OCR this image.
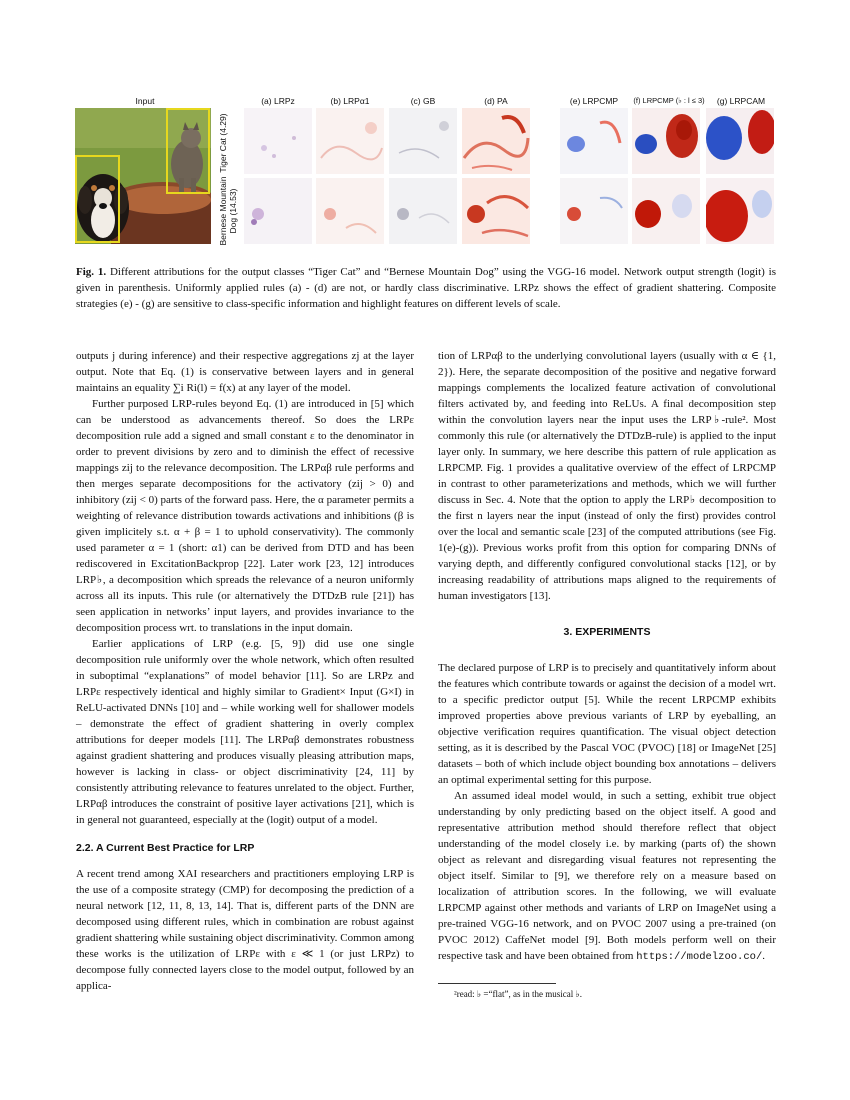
Input
Tiger Cat (4.29)
Bernese Mountain Dog (14.53)
(a) LRPz	(b) LRPα1	(c) GB	(d) PA	(e) LRPCMP	(f) LRPCMP (♭ : l ≤ 3)	(g) LRPCAM
Fig. 1. Different attributions for the output classes “Tiger Cat” and “Bernese Mountain Dog” using the VGG-16 model. Network output strength (logit) is given in parenthesis. Uniformly applied rules (a) - (d) are not, or hardly class discriminative. LRPz shows the effect of gradient shattering. Composite strategies (e) - (g) are sensitive to class-specific information and highlight features on different levels of scale.

outputs j during inference) and their respective aggregations zj at the layer output. Note that Eq. (1) is conservative between layers and in general maintains an equality ∑i Ri(l) = f(x) at any layer of the model.

Further purposed LRP-rules beyond Eq. (1) are introduced in [5] which can be understood as advancements thereof. So does the LRPε decomposition rule add a signed and small constant ε to the denominator in order to prevent divisions by zero and to diminish the effect of recessive mappings zij to the relevance decomposition. The LRPαβ rule performs and then merges separate decompositions for the activatory (zij > 0) and inhibitory (zij < 0) parts of the forward pass. Here, the α parameter permits a weighting of relevance distribution towards activations and inhibitions (β is given implicitely s.t. α + β = 1 to uphold conservativity). The commonly used parameter α = 1 (short: α1) can be derived from DTD and has been rediscovered in ExcitationBackprop [22]. Later work [23, 12] introduces LRP♭, a decomposition which spreads the relevance of a neuron uniformly across all its inputs. This rule (or alternatively the DTDzB rule [21]) has seen application in networks’ input layers, and provides invariance to the decomposition process wrt. to translations in the input domain.

Earlier applications of LRP (e.g. [5, 9]) did use one single decomposition rule uniformly over the whole network, which often resulted in suboptimal “explanations” of model behavior [11]. So are LRPz and LRPε respectively identical and highly similar to Gradient× Input (G×I) in ReLU-activated DNNs [10] and – while working well for shallower models – demonstrate the effect of gradient shattering in overly complex attributions for deeper models [11]. The LRPαβ demonstrates robustness against gradient shattering and produces visually pleasing attribution maps, however is lacking in class- or object discriminativity [24, 11] by consistently attributing relevance to features unrelated to the object. Further, LRPαβ introduces the constraint of positive layer activations [21], which is in general not guaranteed, especially at the (logit) output of a model.

2.2. A Current Best Practice for LRP

A recent trend among XAI researchers and practitioners employing LRP is the use of a composite strategy (CMP) for decomposing the prediction of a neural network [12, 11, 8, 13, 14]. That is, different parts of the DNN are decomposed using different rules, which in combination are robust against gradient shattering while sustaining object discriminativity. Common among these works is the utilization of LRPε with ε ≪ 1 (or just LRPz) to decompose fully connected layers close to the model output, followed by an applica-

tion of LRPαβ to the underlying convolutional layers (usually with α ∈ {1, 2}). Here, the separate decomposition of the positive and negative forward mappings complements the localized feature activation of convolutional filters activated by, and feeding into ReLUs. A final decomposition step within the convolution layers near the input uses the LRP♭-rule². Most commonly this rule (or alternatively the DTDzB-rule) is applied to the input layer only. In summary, we here describe this pattern of rule application as LRPCMP. Fig. 1 provides a qualitative overview of the effect of LRPCMP in contrast to other parameterizations and methods, which we will further discuss in Sec. 4. Note that the option to apply the LRP♭ decomposition to the first n layers near the input (instead of only the first) provides control over the local and semantic scale [23] of the computed attributions (see Fig. 1(e)-(g)). Previous works profit from this option for comparing DNNs of varying depth, and differently configured convolutional stacks [12], or by increasing readability of attributions maps aligned to the requirements of human investigators [13].

3. EXPERIMENTS

The declared purpose of LRP is to precisely and quantitatively inform about the features which contribute towards or against the decision of a model wrt. to a specific predictor output [5]. While the recent LRPCMP exhibits improved properties above previous variants of LRP by eyeballing, an objective verification requires quantification. The visual object detection setting, as it is described by the Pascal VOC (PVOC) [18] or ImageNet [25] datasets – both of which include object bounding box annotations – delivers an optimal experimental setting for this purpose.

An assumed ideal model would, in such a setting, exhibit true object understanding by only predicting based on the object itself. A good and representative attribution method should therefore reflect that object understanding of the model closely i.e. by marking (parts of) the shown object as relevant and disregarding visual features not representing the object itself. Similar to [9], we therefore rely on a measure based on localization of attribution scores. In the following, we will evaluate LRPCMP against other methods and variants of LRP on ImageNet using a pre-trained VGG-16 network, and on PVOC 2007 using a pre-trained (on PVOC 2012) CaffeNet model [9]. Both models perform well on their respective task and have been obtained from https://modelzoo.co/.

²read: ♭ =“flat”, as in the musical ♭.
